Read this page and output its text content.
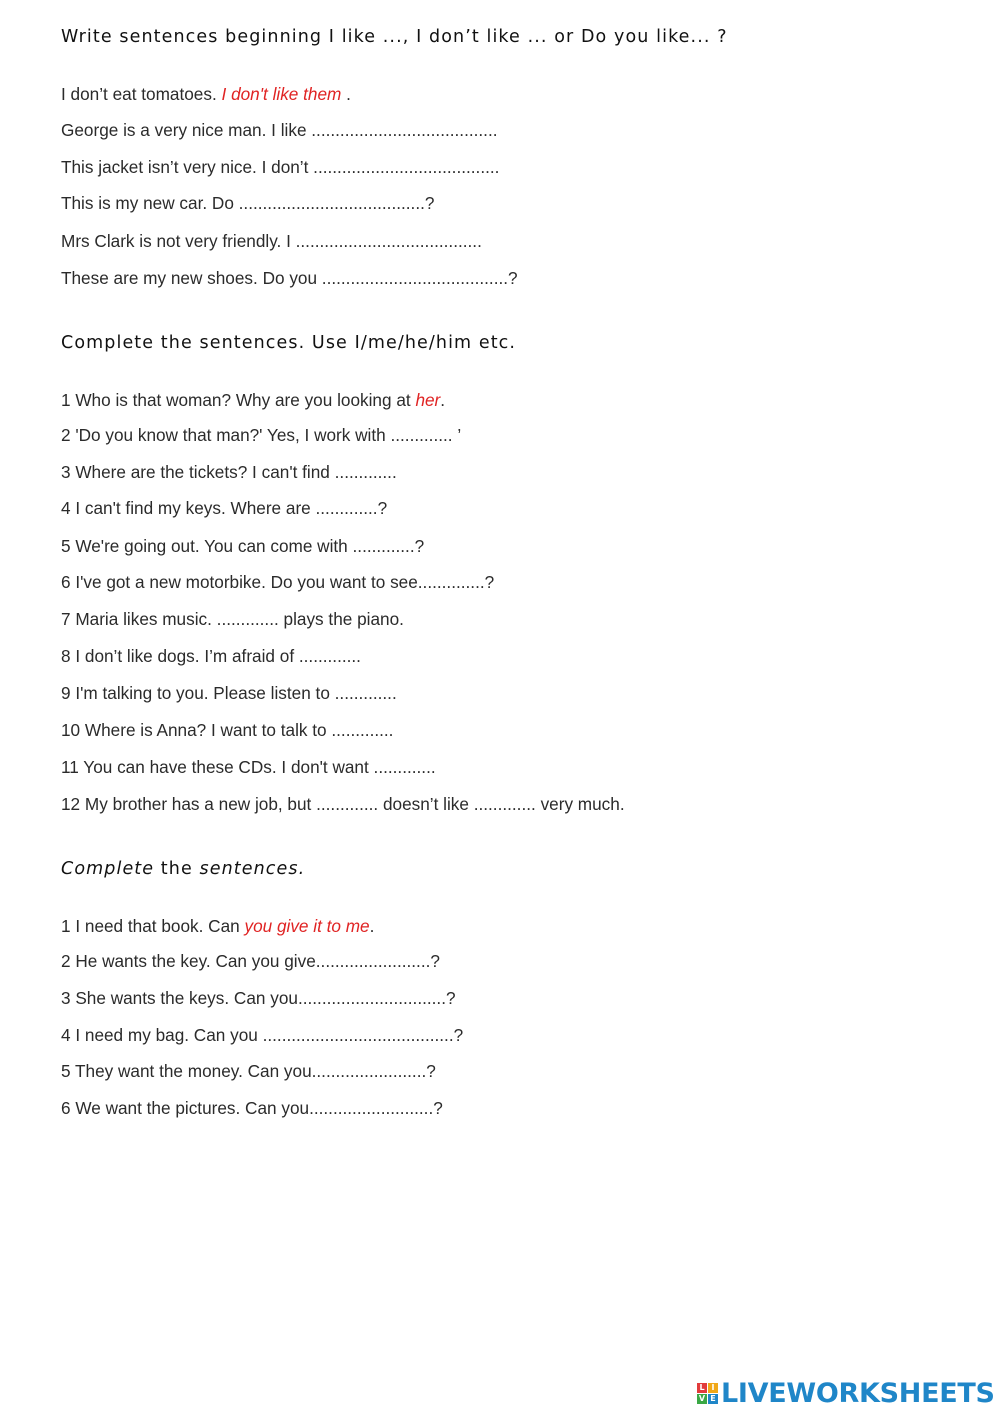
Write sentences beginning I like ..., I don’t like ... or Do you like... ?

I don’t eat tomatoes. I don't like them .

George is a very nice man. I like .......................................

This jacket isn’t very nice. I don’t .......................................

This is my new car. Do .......................................?

Mrs Clark is not very friendly. I .......................................

These are my new shoes. Do you .......................................?

Complete the sentences. Use I/me/he/him etc.

1 Who is that woman? Why are you looking at her.

2 'Do you know that man?' Yes, I work with ............. ’

3 Where are the tickets? I can't find .............

4 I can't find my keys. Where are .............?

5 We're going out. You can come with .............?

6 I've got a new motorbike. Do you want to see..............?

7 Maria likes music. ............. plays the piano.

8 I don’t like dogs. I’m afraid of .............

9 I'm talking to you. Please listen to .............

10 Where is Anna? I want to talk to .............

11 You can have these CDs. I don't want .............

12 My brother has a new job, but ............. doesn’t like ............. very much.

Complete the sentences.

1 I need that book. Can you give it to me.

2 He wants the key. Can you give........................?

3 She wants the keys. Can you...............................?

4 I need my bag. Can you ........................................?

5 They want the money. Can you........................?

6 We want the pictures. Can you..........................?

L I
V E LIVEWORKSHEETS
